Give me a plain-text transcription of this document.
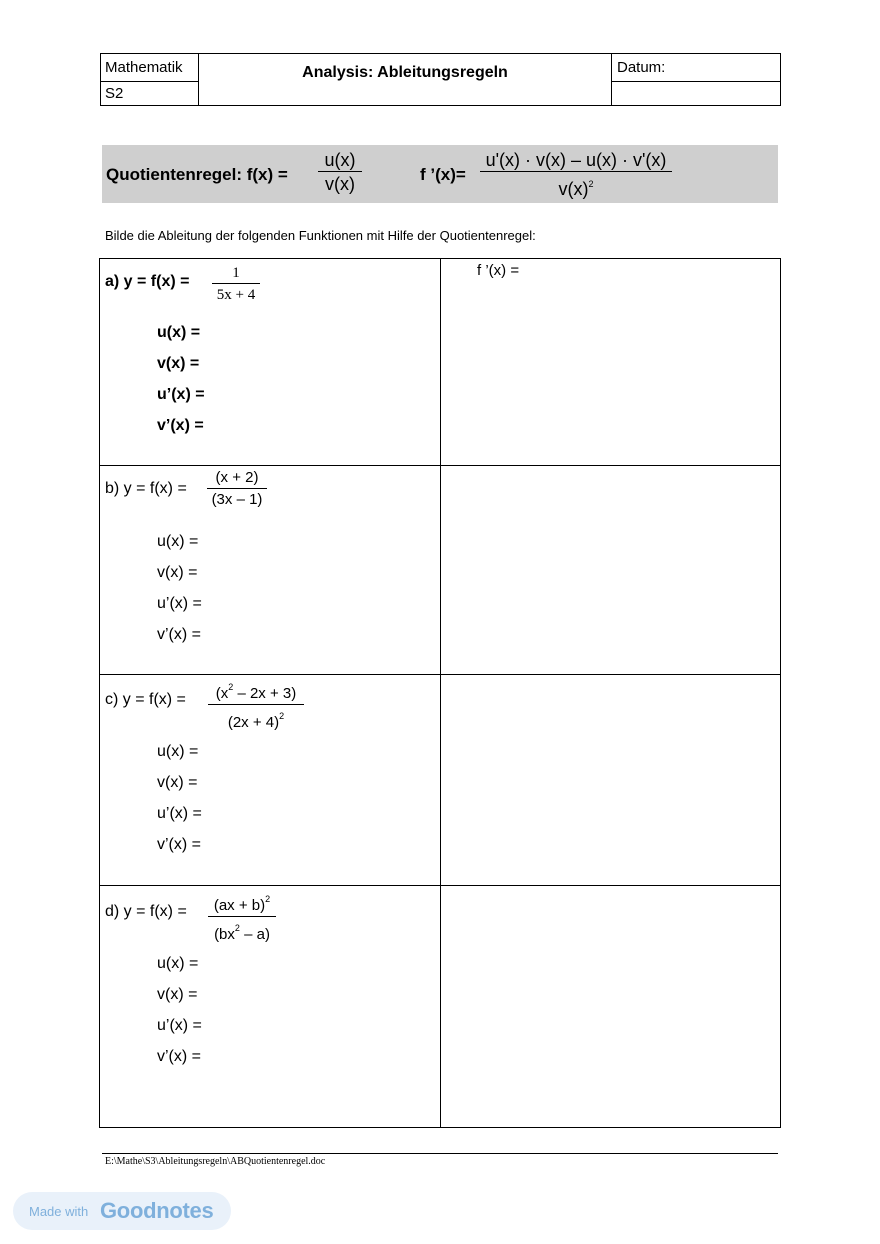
Mathematik
S2
Analysis: Ableitungsregeln	Datum:
Quotientenregel: f(x) =
u(x)
v(x)	f ’(x)=
u'(x) · v(x) – u(x) · v'(x)
$v(x)^2$
Bilde die Ableitung der folgenden Funktionen mit Hilfe der Quotientenregel:
f ’(x) =
a) y = f(x) =	1
5x + 4
u(x) =
v(x) =
u’(x) =
v’(x) =
b) y = f(x) =
(x + 2)
(3x – 1)
u(x) =
v(x) =
u’(x) =
v’(x) =
c) y = f(x) =	$(x^2 - 2x + 3)$
$(2x + 4)^2$
u(x) =
v(x) =
u’(x) =
v’(x) =
d) y = f(x) =	(ax + b)$^2$
$(bx^2 - a)$
u(x) =
v(x) =
u’(x) =
v’(x) =
E:\Mathe\S3\Ableitungsregeln\ABQuotientenregel.doc
Made with Goodnotes
